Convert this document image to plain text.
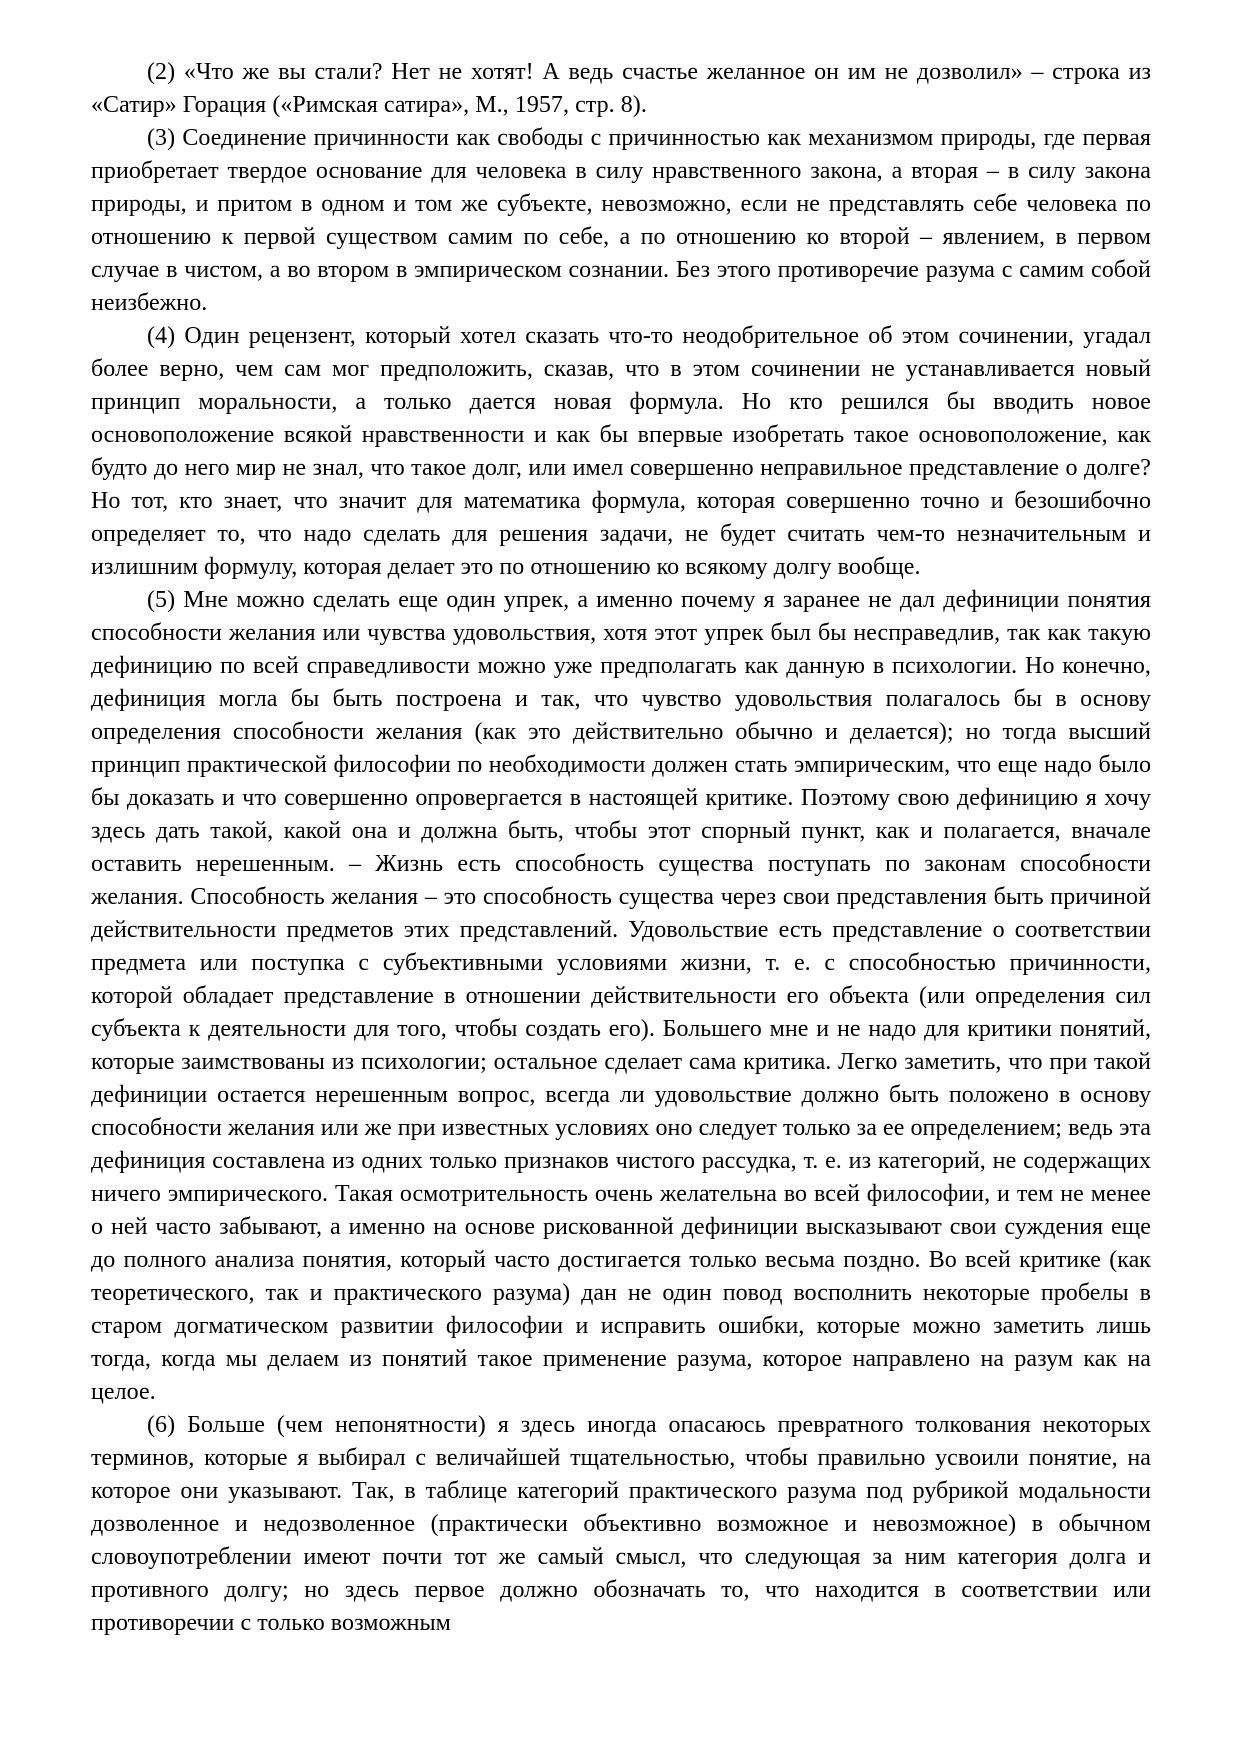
(2) «Что же вы стали? Нет не хотят! А ведь счастье желанное он им не дозволил» – строка из «Сатир» Горация («Римская сатира», М., 1957, стр. 8).

(3) Соединение причинности как свободы с причинностью как механизмом природы, где первая приобретает твердое основание для человека в силу нравственного закона, а вторая – в силу закона природы, и притом в одном и том же субъекте, невозможно, если не представлять себе человека по отношению к первой существом самим по себе, а по отношению ко второй – явлением, в первом случае в чистом, а во втором в эмпирическом сознании. Без этого противоречие разума с самим собой неизбежно.

(4) Один рецензент, который хотел сказать что-то неодобрительное об этом сочинении, угадал более верно, чем сам мог предположить, сказав, что в этом сочинении не устанавливается новый принцип моральности, а только дается новая формула. Но кто решился бы вводить новое основоположение всякой нравственности и как бы впервые изобретать такое основоположение, как будто до него мир не знал, что такое долг, или имел совершенно неправильное представление о долге? Но тот, кто знает, что значит для математика формула, которая совершенно точно и безошибочно определяет то, что надо сделать для решения задачи, не будет считать чем-то незначительным и излишним формулу, которая делает это по отношению ко всякому долгу вообще.

(5) Мне можно сделать еще один упрек, а именно почему я заранее не дал дефиниции понятия способности желания или чувства удовольствия, хотя этот упрек был бы несправедлив, так как такую дефиницию по всей справедливости можно уже предполагать как данную в психологии. Но конечно, дефиниция могла бы быть построена и так, что чувство удовольствия полагалось бы в основу определения способности желания (как это действительно обычно и делается); но тогда высший принцип практической философии по необходимости должен стать эмпирическим, что еще надо было бы доказать и что совершенно опровергается в настоящей критике. Поэтому свою дефиницию я хочу здесь дать такой, какой она и должна быть, чтобы этот спорный пункт, как и полагается, вначале оставить нерешенным. – Жизнь есть способность существа поступать по законам способности желания. Способность желания – это способность существа через свои представления быть причиной действительности предметов этих представлений. Удовольствие есть представление о соответствии предмета или поступка с субъективными условиями жизни, т. е. с способностью причинности, которой обладает представление в отношении действительности его объекта (или определения сил субъекта к деятельности для того, чтобы создать его). Большего мне и не надо для критики понятий, которые заимствованы из психологии; остальное сделает сама критика. Легко заметить, что при такой дефиниции остается нерешенным вопрос, всегда ли удовольствие должно быть положено в основу способности желания или же при известных условиях оно следует только за ее определением; ведь эта дефиниция составлена из одних только признаков чистого рассудка, т. е. из категорий, не содержащих ничего эмпирического. Такая осмотрительность очень желательна во всей философии, и тем не менее о ней часто забывают, а именно на основе рискованной дефиниции высказывают свои суждения еще до полного анализа понятия, который часто достигается только весьма поздно. Во всей критике (как теоретического, так и практического разума) дан не один повод восполнить некоторые пробелы в старом догматическом развитии философии и исправить ошибки, которые можно заметить лишь тогда, когда мы делаем из понятий такое применение разума, которое направлено на разум как на целое.

(6) Больше (чем непонятности) я здесь иногда опасаюсь превратного толкования некоторых терминов, которые я выбирал с величайшей тщательностью, чтобы правильно усвоили понятие, на которое они указывают. Так, в таблице категорий практического разума под рубрикой модальности дозволенное и недозволенное (практически объективно возможное и невозможное) в обычном словоупотреблении имеют почти тот же самый смысл, что следующая за ним категория долга и противного долгу; но здесь первое должно обозначать то, что находится в соответствии или противоречии с только возможным
